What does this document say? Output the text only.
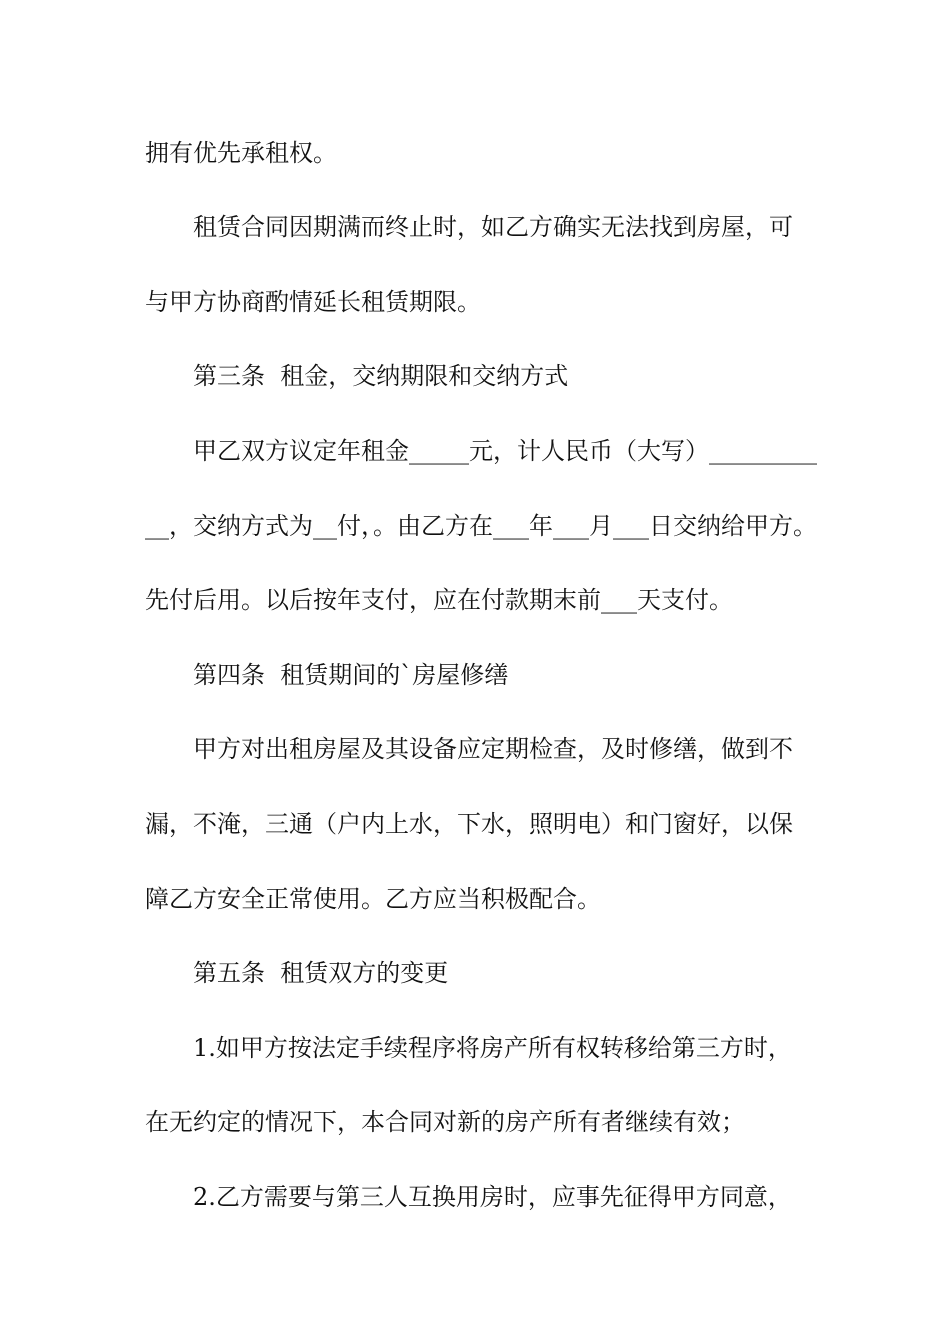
拥有优先承租权。
租赁合同因期满而终止时，如乙方确实无法找到房屋，可
与甲方协商酌情延长租赁期限。
第三条  租金，交纳期限和交纳方式
甲乙双方议定年租金_____元，计人民币（大写）_________
__，交纳方式为__付，。由乙方在___年___月___日交纳给甲方。
先付后用。以后按年支付，应在付款期末前___天支付。
第四条  租赁期间的`房屋修缮
甲方对出租房屋及其设备应定期检查，及时修缮，做到不
漏，不淹，三通（户内上水，下水，照明电）和门窗好，以保
障乙方安全正常使用。乙方应当积极配合。
第五条  租赁双方的变更
1.如甲方按法定手续程序将房产所有权转移给第三方时，
在无约定的情况下，本合同对新的房产所有者继续有效；
2.乙方需要与第三人互换用房时，应事先征得甲方同意，
